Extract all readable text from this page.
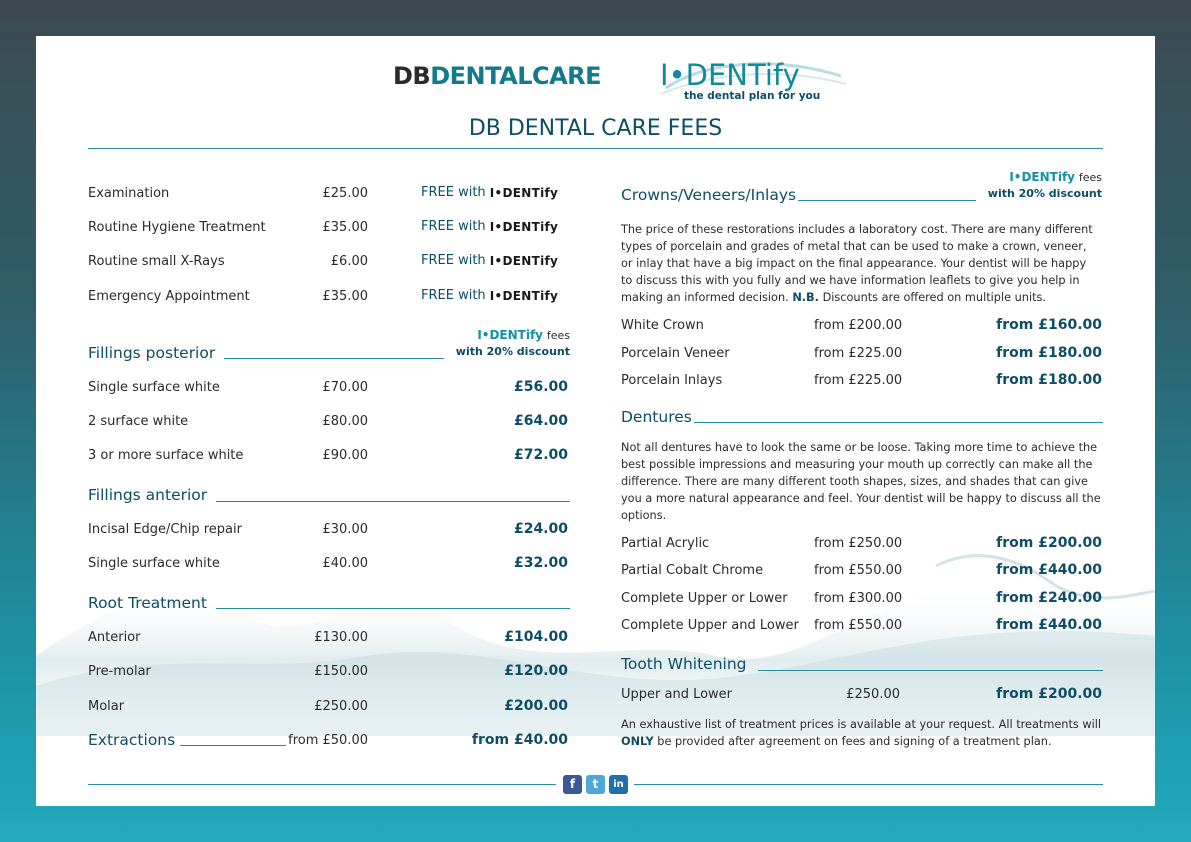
DBDENTALCARE I•DENTify
the dental plan for you
DB DENTAL CARE FEES
Examination	£25.00	FREE with I•DENTify
Routine Hygiene Treatment	£35.00	FREE with I•DENTify
Routine small X-Rays	£6.00	FREE with I•DENTify
Emergency Appointment	£35.00	FREE with I•DENTify
I•DENTify fees
with 20% discount
Fillings posterior
Single surface white	£70.00	£56.00
2 surface white	£80.00	£64.00
3 or more surface white	£90.00	£72.00
Fillings anterior
Incisal Edge/Chip repair	£30.00	£24.00
Single surface white	£40.00	£32.00
Root Treatment
Anterior	£130.00	£104.00
Pre-molar	£150.00	£120.00
Molar	£250.00	£200.00
Extractions	from £50.00	from £40.00
I•DENTify fees
with 20% discount
Crowns/Veneers/Inlays
The price of these restorations includes a laboratory cost. There are many different types of porcelain and grades of metal that can be used to make a crown, veneer, or inlay that have a big impact on the final appearance. Your dentist will be happy to discuss this with you fully and we have information leaflets to give you help in making an informed decision. N.B. Discounts are offered on multiple units.
White Crown	from £200.00	from £160.00
Porcelain Veneer	from £225.00	from £180.00
Porcelain Inlays	from £225.00	from £180.00
Dentures
Not all dentures have to look the same or be loose. Taking more time to achieve the best possible impressions and measuring your mouth up correctly can make all the difference. There are many different tooth shapes, sizes, and shades that can give you a more natural appearance and feel. Your dentist will be happy to discuss all the options.
Partial Acrylic	from £250.00	from £200.00
Partial Cobalt Chrome	from £550.00	from £440.00
Complete Upper or Lower from £300.00	from £240.00
Complete Upper and Lower from £550.00	from £440.00
Tooth Whitening
Upper and Lower	£250.00	from £200.00
An exhaustive list of treatment prices is available at your request. All treatments will ONLY be provided after agreement on fees and signing of a treatment plan.
f	t	in
